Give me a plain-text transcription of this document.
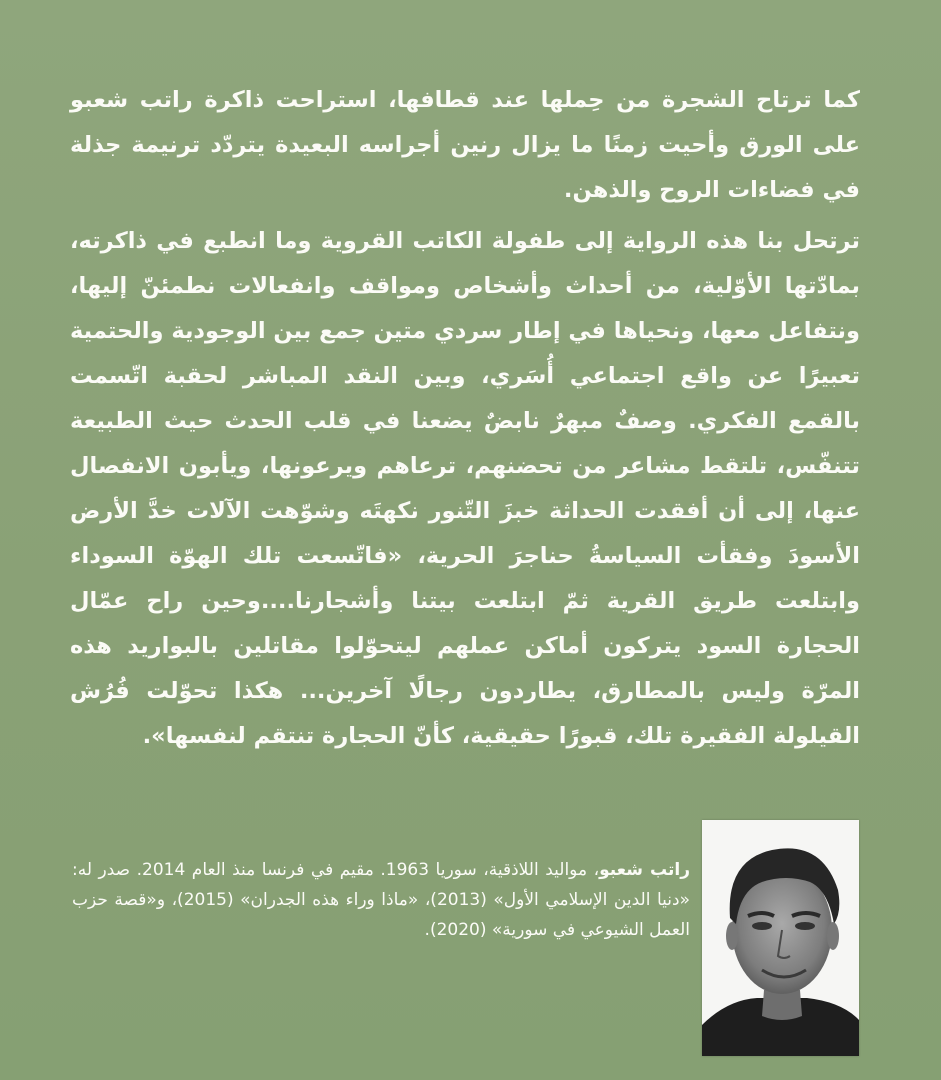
كما ترتاح الشجرة من حِملها عند قطافها، استراحت ذاكرة راتب شعبو على الورق وأحيت زمنًا ما يزال رنين أجراسه البعيدة يتردّد ترنيمة جذلة في فضاءات الروح والذهن.

ترتحل بنا هذه الرواية إلى طفولة الكاتب القروية وما انطبع في ذاكرته، بمادّتها الأوّلية، من أحداث وأشخاص ومواقف وانفعالات نطمئنّ إليها، ونتفاعل معها، ونحياها في إطار سردي متين جمع بين الوجودية والحتمية تعبيرًا عن واقع اجتماعي أُسَري، وبين النقد المباشر لحقبة اتّسمت بالقمع الفكري. وصفٌ مبهرٌ نابضٌ يضعنا في قلب الحدث حيث الطبيعة تتنفّس، تلتقط مشاعر من تحضنهم، ترعاهم ويرعونها، ويأبون الانفصال عنها، إلى أن أفقدت الحداثة خبزَ التّنور نكهتَه وشوّهت الآلات خدَّ الأرض الأسودَ وفقأت السياسةُ حناجرَ الحرية، «فاتّسعت تلك الهوّة السوداء وابتلعت طريق القرية ثمّ ابتلعت بيتنا وأشجارنا....وحين راح عمّال الحجارة السود يتركون أماكن عملهم ليتحوّلوا مقاتلين بالبواريد هذه المرّة وليس بالمطارق، يطاردون رجالًا آخرين... هكذا تحوّلت فُرُش القيلولة الفقيرة تلك، قبورًا حقيقية، كأنّ الحجارة تنتقم لنفسها».

راتب شعبو، مواليد اللاذقية، سوريا 1963. مقيم في فرنسا منذ العام 2014. صدر له: «دنيا الدين الإسلامي الأول» (2013)، «ماذا وراء هذه الجدران» (2015)، و«قصة حزب العمل الشيوعي في سورية» (2020).
